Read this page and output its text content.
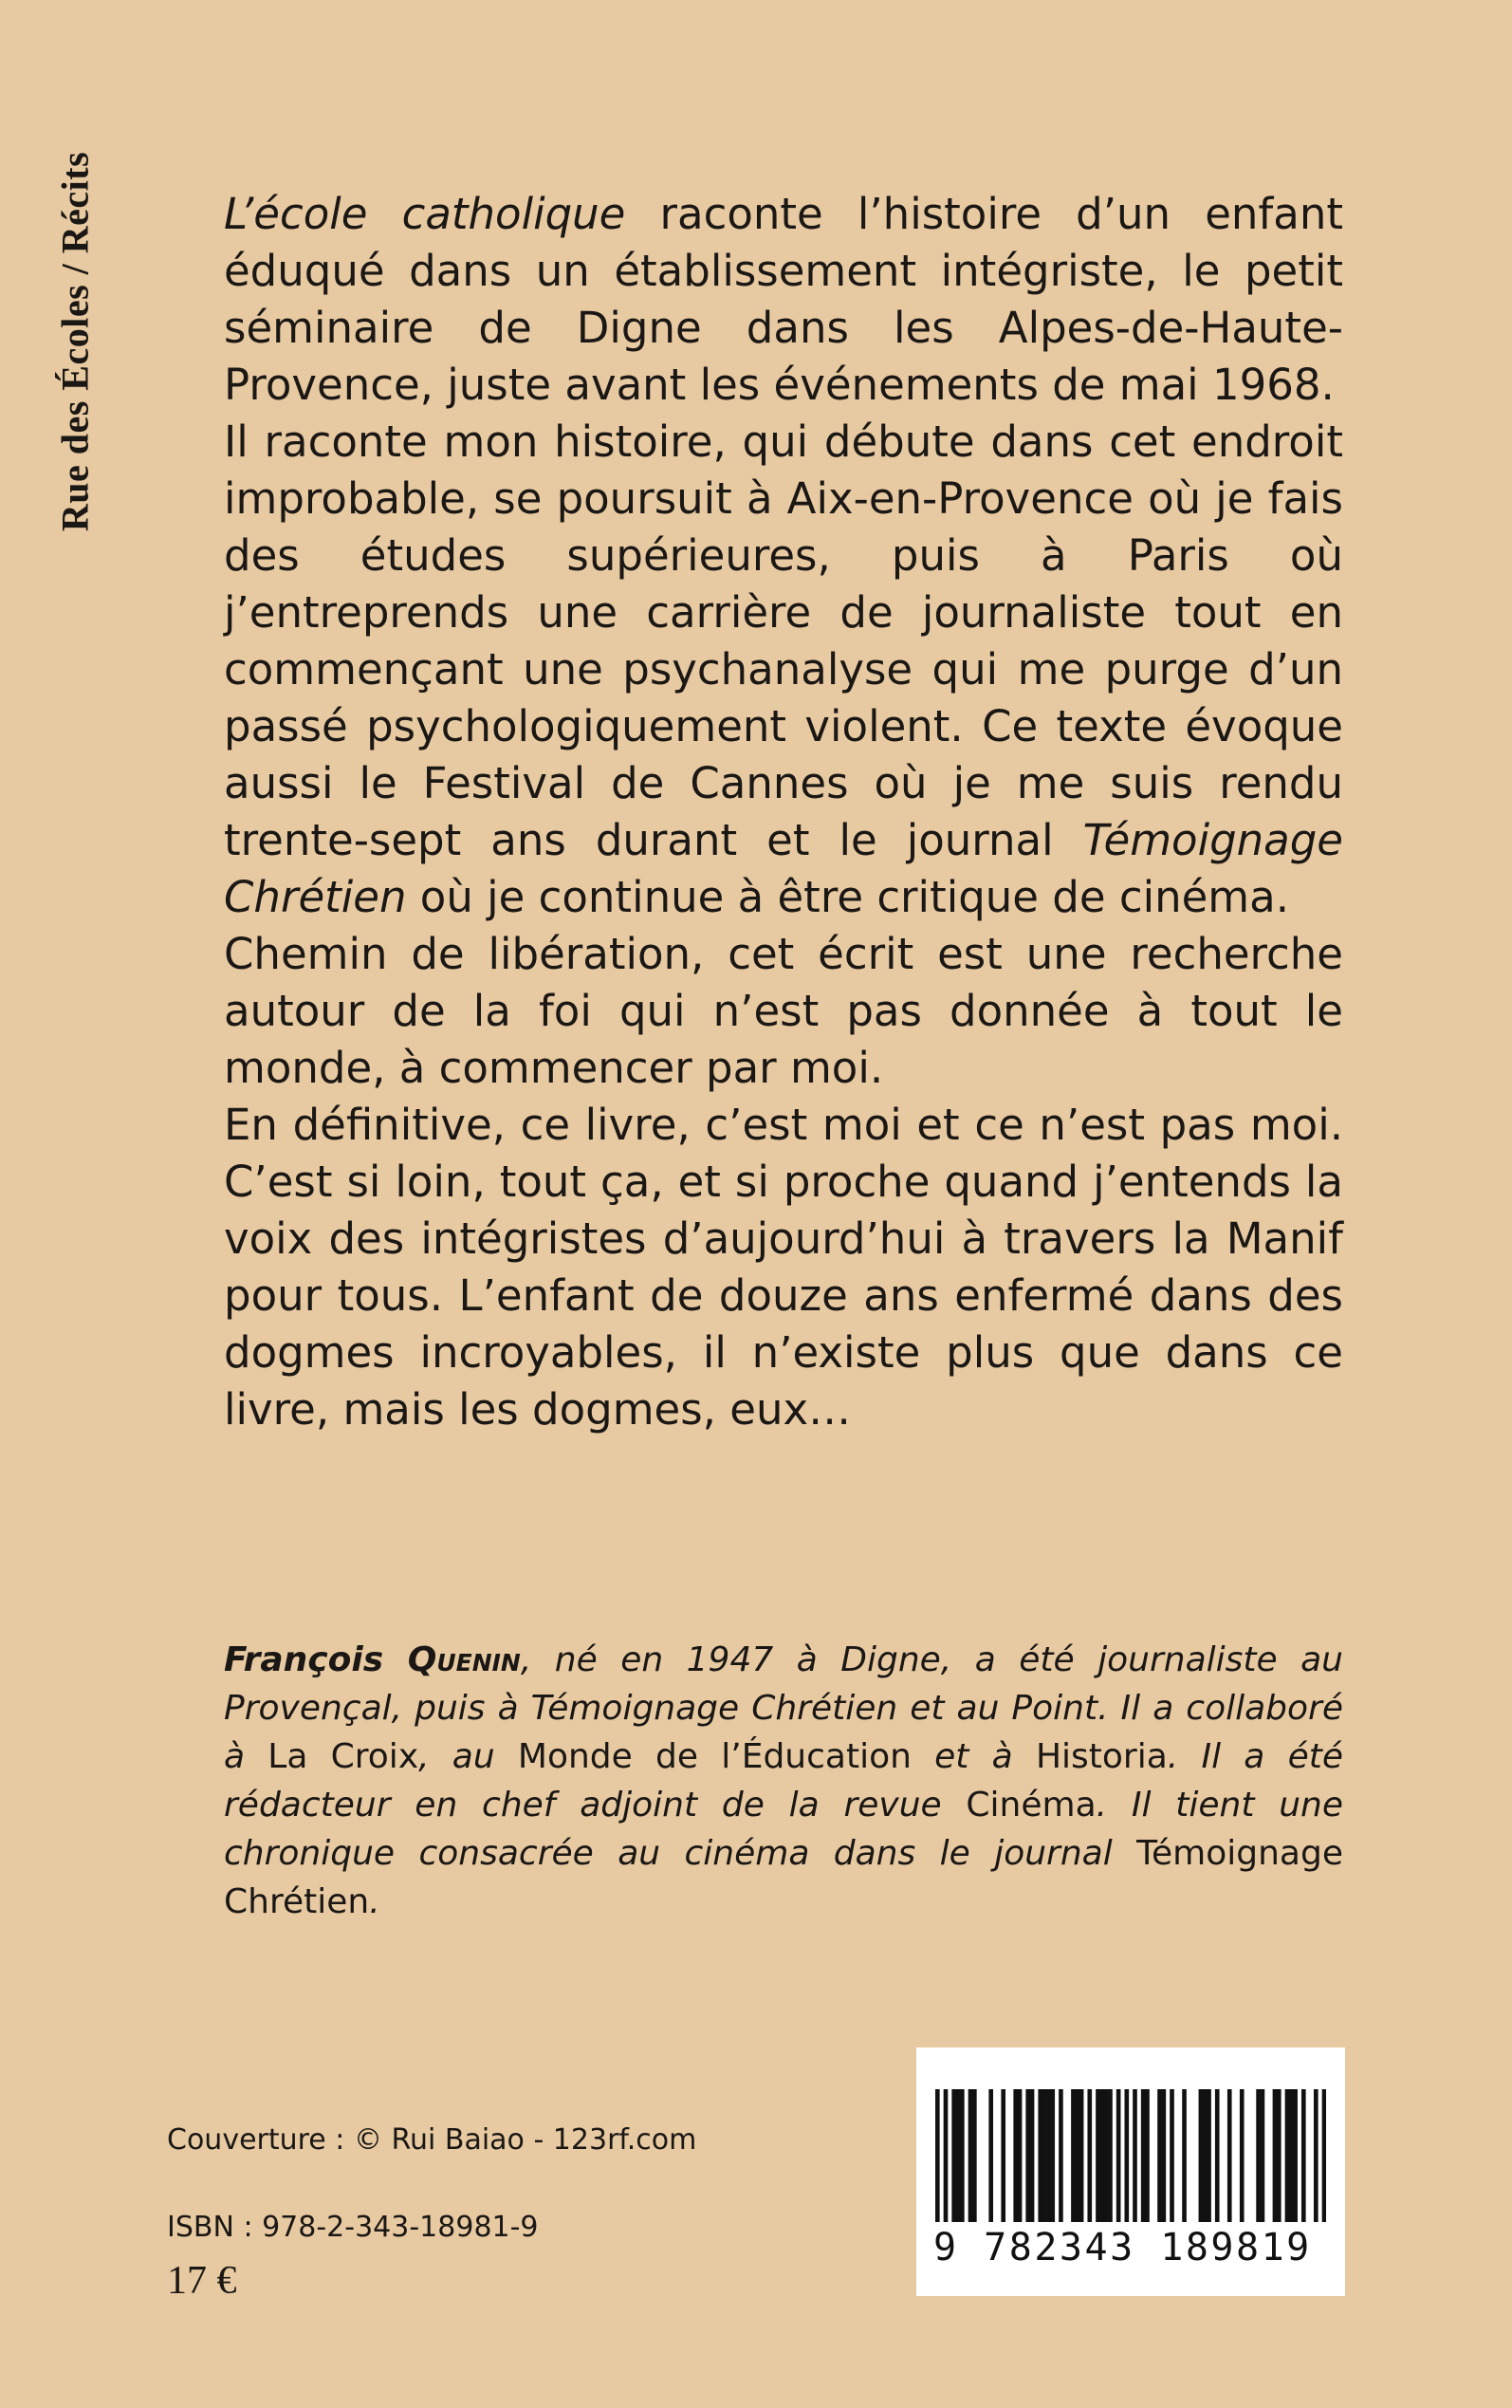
Rue des Écoles / Récits	L’école catholique raconte l’histoire d’un enfant éduqué dans un établissement intégriste, le petit séminaire de Digne dans les Alpes-de-Haute-Provence, juste avant les événements de mai 1968.

Il raconte mon histoire, qui débute dans cet endroit improbable, se poursuit à Aix-en-Provence où je fais des études supérieures, puis à Paris où j’entreprends une carrière de journaliste tout en commençant une psychanalyse qui me purge d’un passé psychologiquement violent. Ce texte évoque aussi le Festival de Cannes où je me suis rendu trente-sept ans durant et le journal Témoignage Chrétien où je continue à être critique de cinéma.

Chemin de libération, cet écrit est une recherche autour de la foi qui n’est pas donnée à tout le monde, à commencer par moi.

En définitive, ce livre, c’est moi et ce n’est pas moi. C’est si loin, tout ça, et si proche quand j’entends la voix des intégristes d’aujourd’hui à travers la Manif pour tous. L’enfant de douze ans enfermé dans des dogmes incroyables, il n’existe plus que dans ce livre, mais les dogmes, eux…

François Quenin, né en 1947 à Digne, a été journaliste au Provençal, puis à Témoignage Chrétien et au Point. Il a collaboré à La Croix, au Monde de l’Éducation et à Historia. Il a été rédacteur en chef adjoint de la revue Cinéma. Il tient une chronique consacrée au cinéma dans le journal Témoignage Chrétien.
Couverture : © Rui Baiao - 123rf.com
ISBN : 978-2-343-18981-9
17 €
9 782343 189819
